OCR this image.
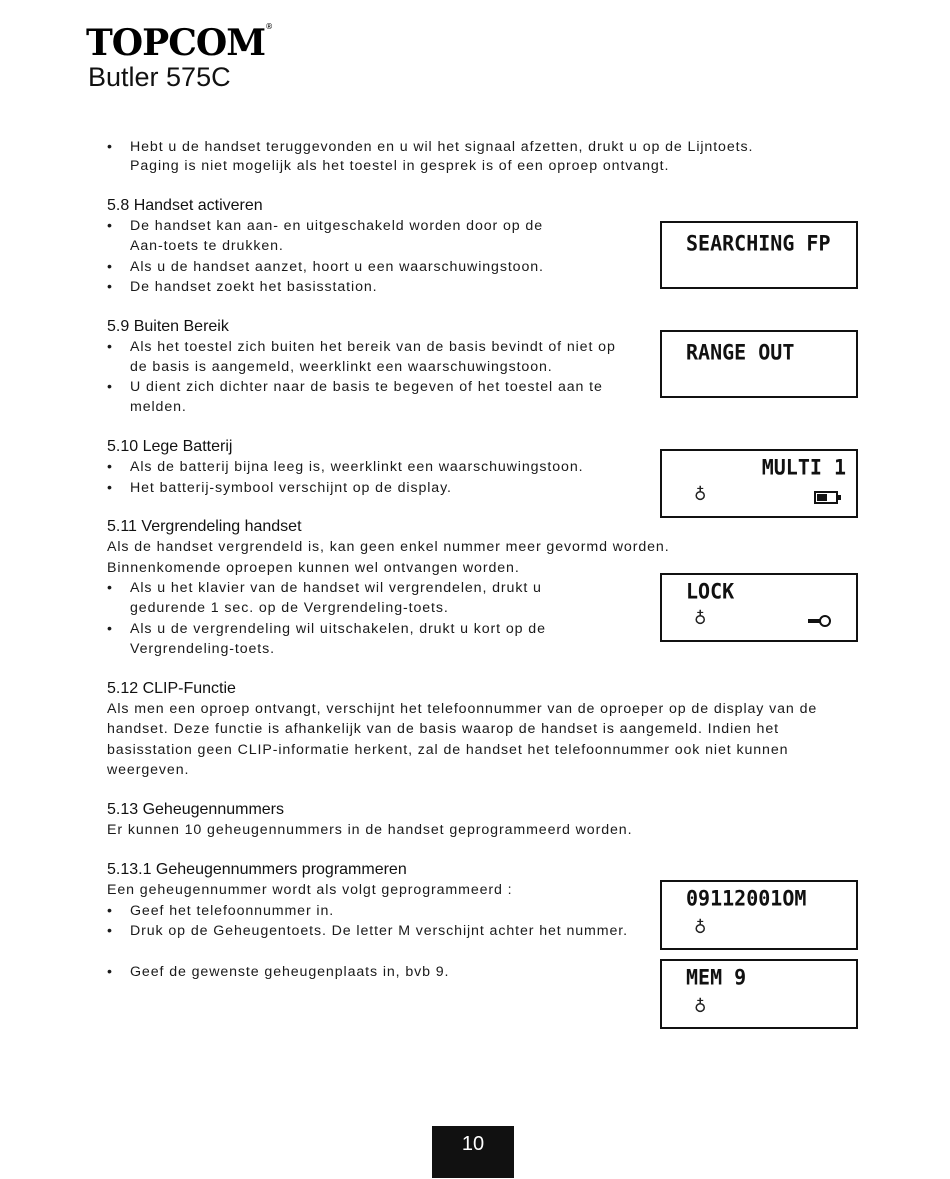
TOPCOM®
Butler 575C
• Hebt u de handset teruggevonden en u wil het signaal afzetten, drukt u op de Lijntoets.
Paging is niet mogelijk als het toestel in gesprek is of een oproep ontvangt.
5.8 Handset activeren
• De handset kan aan- en uitgeschakeld worden door op de
Aan-toets te drukken.
• Als u de handset aanzet, hoort u een waarschuwingstoon.
• De handset zoekt het basisstation.
SEARCHING FP
5.9 Buiten Bereik
• Als het toestel zich buiten het bereik van de basis bevindt of niet op
de basis is aangemeld, weerklinkt een waarschuwingstoon.
• U dient zich dichter naar de basis te begeven of het toestel aan te
melden.
RANGE OUT
5.10 Lege Batterij
• Als de batterij bijna leeg is, weerklinkt een waarschuwingstoon.
• Het batterij-symbool verschijnt op de display.
MULTI 1
♁
5.11 Vergrendeling handset
Als de handset vergrendeld is, kan geen enkel nummer meer gevormd worden.
Binnenkomende oproepen kunnen wel ontvangen worden.
• Als u het klavier van de handset wil vergrendelen, drukt u
gedurende 1 sec. op de Vergrendeling-toets.
• Als u de vergrendeling wil uitschakelen, drukt u kort op de
Vergrendeling-toets.
LOCK
♁
5.12 CLIP-Functie
Als men een oproep ontvangt, verschijnt het telefoonnummer van de oproeper op de display van de
handset. Deze functie is afhankelijk van de basis waarop de handset is aangemeld. Indien het
basisstation geen CLIP-informatie herkent, zal de handset het telefoonnummer ook niet kunnen
weergeven.
5.13 Geheugennummers
Er kunnen 10 geheugennummers in de handset geprogrammeerd worden.
5.13.1 Geheugennummers programmeren
Een geheugennummer wordt als volgt geprogrammeerd :
• Geef het telefoonnummer in.
• Druk op de Geheugentoets. De letter M verschijnt achter het nummer.
• Geef de gewenste geheugenplaats in, bvb 9.
09112001OM
♁
MEM 9
♁
10
